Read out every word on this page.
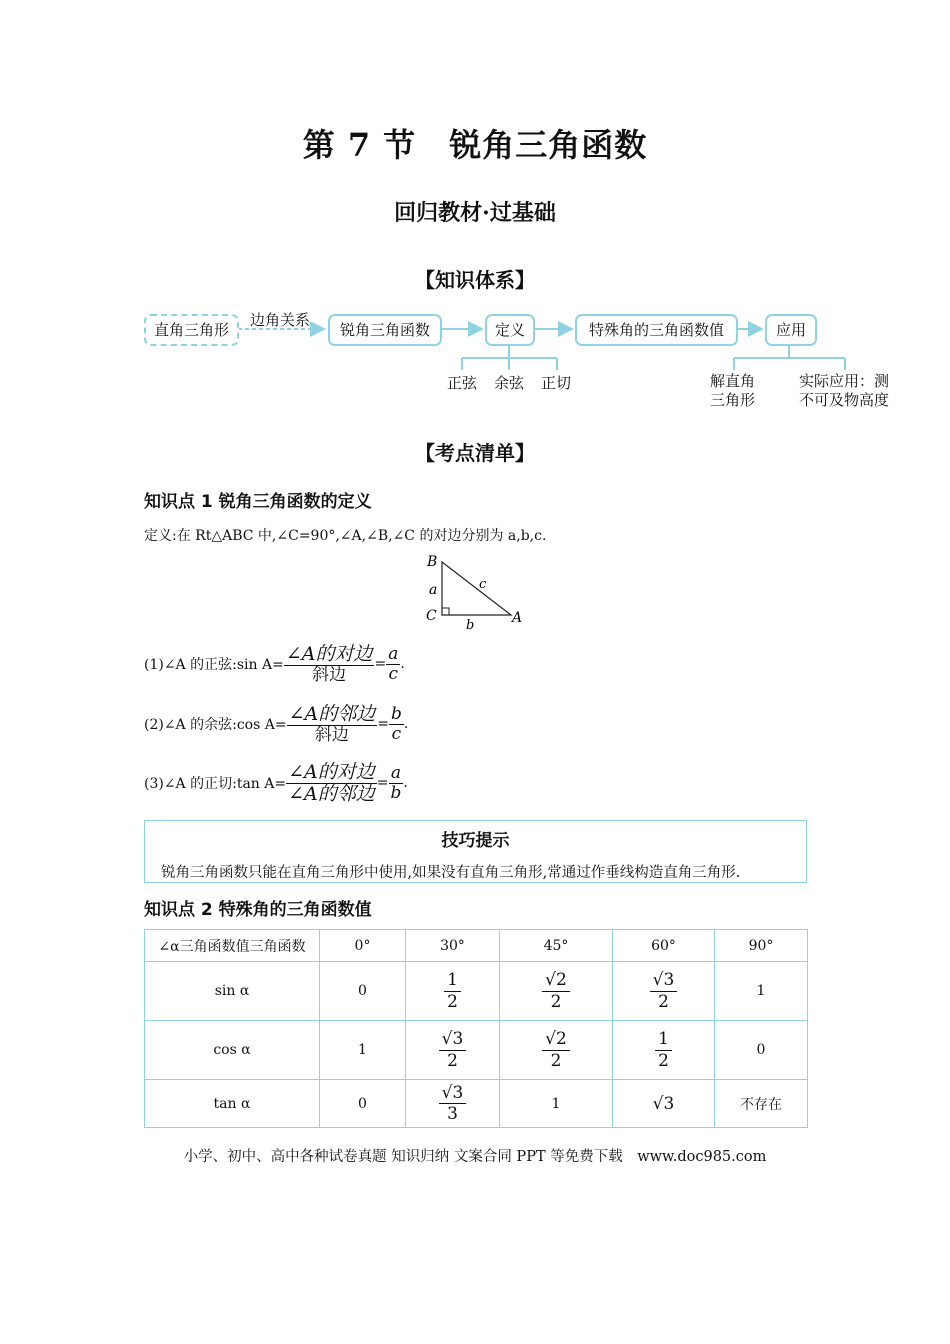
第 7 节　锐角三角函数
回归教材·过基础
【知识体系】
直角三角形
边角关系
锐角三角函数	定义	特殊角的三角函数值	应用
正弦 余弦 正切	解直角
三角形
实际应用：测
不可及物高度
【考点清单】
知识点 1 锐角三角函数的定义
定义:在 Rt△ABC 中,∠C=90°,∠A,∠B,∠C 的对边分别为 a,b,c.
B
a
C
c
b	A
(1)∠A 的正弦:sin $A= \frac{\text{∠A的对边}}{\text{斜边}} = \frac{a}{c}$ .
(2)∠A 的余弦:cos $A= \frac{\text{∠A的邻边}}{\text{斜边}} = \frac{b}{c}$ .
(3)∠A 的正切:tan $A= \frac{\text{∠A的对边}}{\text{∠A的邻边}} = \frac{a}{b}$ .
技巧提示
锐角三角函数只能在直角三角形中使用,如果没有直角三角形,常通过作垂线构造直角三角形.
知识点 2 特殊角的三角函数值
∠α三角函数值三角函数	0°	30°	45°	60°	90°
sin α	0	$\frac{1}{2}$	$\frac{√2}{2}$	$\frac{√3}{2}$	1
cos α	1	$\frac{√3}{2}$	$\frac{√2}{2}$	$\frac{1}{2}$	0
tan α	0	$\frac{√3}{3}$	1	√3	不存在
小学、初中、高中各种试卷真题 知识归纳 文案合同 PPT 等免费下载　www.doc985.com
